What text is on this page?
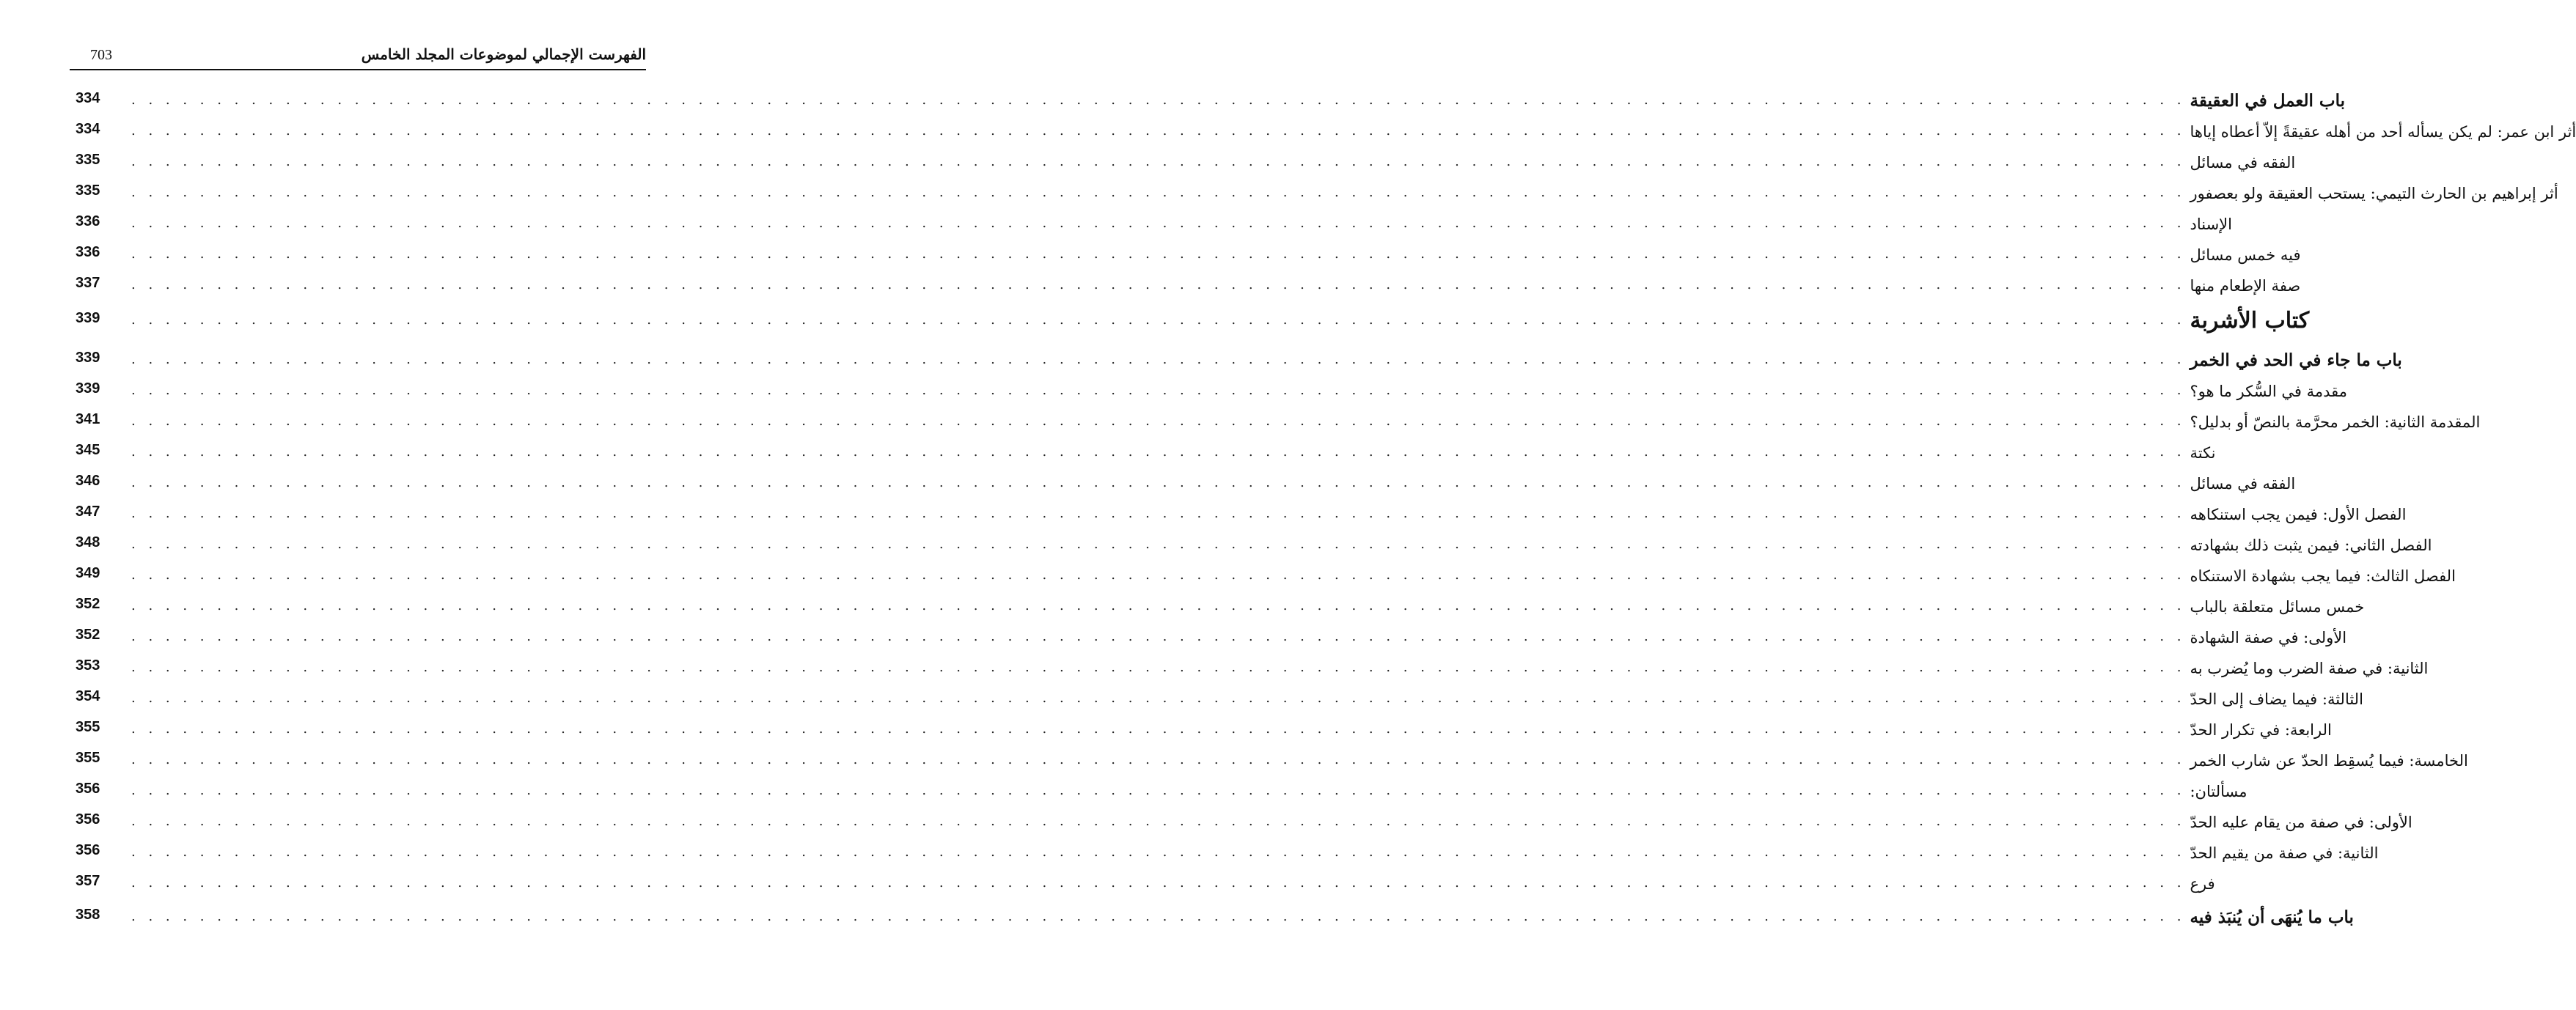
703	الفهرست الإجمالي لموضوعات المجلد الخامس
334	. . . . . . . . . . . . . . . . . . . . . . . . . . . . . . . . . . . . . . . . . . . . . . . . . . . . . . . . . . . . . . . . . . . . . . . . . . . . . . . . . . . . . . . . . . . . . . . . . . . . . . . . . . . . . . . . . . . . . . . . باب العمل في العقيقة
334	. . . . . . . . . . . . . . . . . . . . . . . . . . . . . . . . . . . . . . . . . . . . . . . . . . . . . . . . . . . . . . . . . . . . . . . . . . . . . . . . . . . . . . . . . . . . . . . . . . . . . . . . . . . . . . . . . . . . . . . . أثر ابن عمر: لم يكن يسأله أحد من أهله عقيقةً إلاّ أعطاه إياها
335	. . . . . . . . . . . . . . . . . . . . . . . . . . . . . . . . . . . . . . . . . . . . . . . . . . . . . . . . . . . . . . . . . . . . . . . . . . . . . . . . . . . . . . . . . . . . . . . . . . . . . . . . . . . . . . . . . . . . . . . . الفقه في مسائل
335	. . . . . . . . . . . . . . . . . . . . . . . . . . . . . . . . . . . . . . . . . . . . . . . . . . . . . . . . . . . . . . . . . . . . . . . . . . . . . . . . . . . . . . . . . . . . . . . . . . . . . . . . . . . . . . . . . . . . . . . . أثر إبراهيم بن الحارث التيمي: يستحب العقيقة ولو بعصفور
336	. . . . . . . . . . . . . . . . . . . . . . . . . . . . . . . . . . . . . . . . . . . . . . . . . . . . . . . . . . . . . . . . . . . . . . . . . . . . . . . . . . . . . . . . . . . . . . . . . . . . . . . . . . . . . . . . . . . . . . . . الإسناد
336	. . . . . . . . . . . . . . . . . . . . . . . . . . . . . . . . . . . . . . . . . . . . . . . . . . . . . . . . . . . . . . . . . . . . . . . . . . . . . . . . . . . . . . . . . . . . . . . . . . . . . . . . . . . . . . . . . . . . . . . . فيه خمس مسائل
337	. . . . . . . . . . . . . . . . . . . . . . . . . . . . . . . . . . . . . . . . . . . . . . . . . . . . . . . . . . . . . . . . . . . . . . . . . . . . . . . . . . . . . . . . . . . . . . . . . . . . . . . . . . . . . . . . . . . . . . . . صفة الإطعام منها
339	. . . . . . . . . . . . . . . . . . . . . . . . . . . . . . . . . . . . . . . . . . . . . . . . . . . . . . . . . . . . . . . . . . . . . . . . . . . . . . . . . . . . . . . . . . . . . . . . . . . . . . . . . . . . . . . . . . . . . . . . كتاب الأشربة
339	. . . . . . . . . . . . . . . . . . . . . . . . . . . . . . . . . . . . . . . . . . . . . . . . . . . . . . . . . . . . . . . . . . . . . . . . . . . . . . . . . . . . . . . . . . . . . . . . . . . . . . . . . . . . . . . . . . . . . . . . باب ما جاء في الحد في الخمر
339	. . . . . . . . . . . . . . . . . . . . . . . . . . . . . . . . . . . . . . . . . . . . . . . . . . . . . . . . . . . . . . . . . . . . . . . . . . . . . . . . . . . . . . . . . . . . . . . . . . . . . . . . . . . . . . . . . . . . . . . . مقدمة في السُّكر ما هو؟
341	. . . . . . . . . . . . . . . . . . . . . . . . . . . . . . . . . . . . . . . . . . . . . . . . . . . . . . . . . . . . . . . . . . . . . . . . . . . . . . . . . . . . . . . . . . . . . . . . . . . . . . . . . . . . . . . . . . . . . . . . المقدمة الثانية: الخمر محرَّمة بالنصّ أو بدليل؟
345	. . . . . . . . . . . . . . . . . . . . . . . . . . . . . . . . . . . . . . . . . . . . . . . . . . . . . . . . . . . . . . . . . . . . . . . . . . . . . . . . . . . . . . . . . . . . . . . . . . . . . . . . . . . . . . . . . . . . . . . . نكتة
346	. . . . . . . . . . . . . . . . . . . . . . . . . . . . . . . . . . . . . . . . . . . . . . . . . . . . . . . . . . . . . . . . . . . . . . . . . . . . . . . . . . . . . . . . . . . . . . . . . . . . . . . . . . . . . . . . . . . . . . . . الفقه في مسائل
347	. . . . . . . . . . . . . . . . . . . . . . . . . . . . . . . . . . . . . . . . . . . . . . . . . . . . . . . . . . . . . . . . . . . . . . . . . . . . . . . . . . . . . . . . . . . . . . . . . . . . . . . . . . . . . . . . . . . . . . . . الفصل الأول: فيمن يجب استنكاهه
348	. . . . . . . . . . . . . . . . . . . . . . . . . . . . . . . . . . . . . . . . . . . . . . . . . . . . . . . . . . . . . . . . . . . . . . . . . . . . . . . . . . . . . . . . . . . . . . . . . . . . . . . . . . . . . . . . . . . . . . . . الفصل الثاني: فيمن يثبت ذلك بشهادته
349	. . . . . . . . . . . . . . . . . . . . . . . . . . . . . . . . . . . . . . . . . . . . . . . . . . . . . . . . . . . . . . . . . . . . . . . . . . . . . . . . . . . . . . . . . . . . . . . . . . . . . . . . . . . . . . . . . . . . . . . . الفصل الثالث: فيما يجب بشهادة الاستنكاه
352	. . . . . . . . . . . . . . . . . . . . . . . . . . . . . . . . . . . . . . . . . . . . . . . . . . . . . . . . . . . . . . . . . . . . . . . . . . . . . . . . . . . . . . . . . . . . . . . . . . . . . . . . . . . . . . . . . . . . . . . . خمس مسائل متعلقة بالباب
352	. . . . . . . . . . . . . . . . . . . . . . . . . . . . . . . . . . . . . . . . . . . . . . . . . . . . . . . . . . . . . . . . . . . . . . . . . . . . . . . . . . . . . . . . . . . . . . . . . . . . . . . . . . . . . . . . . . . . . . . . الأولى: في صفة الشهادة
353	. . . . . . . . . . . . . . . . . . . . . . . . . . . . . . . . . . . . . . . . . . . . . . . . . . . . . . . . . . . . . . . . . . . . . . . . . . . . . . . . . . . . . . . . . . . . . . . . . . . . . . . . . . . . . . . . . . . . . . . . الثانية: في صفة الضرب وما يُضرب به
354	. . . . . . . . . . . . . . . . . . . . . . . . . . . . . . . . . . . . . . . . . . . . . . . . . . . . . . . . . . . . . . . . . . . . . . . . . . . . . . . . . . . . . . . . . . . . . . . . . . . . . . . . . . . . . . . . . . . . . . . . الثالثة: فيما يضاف إلى الحدّ
355	. . . . . . . . . . . . . . . . . . . . . . . . . . . . . . . . . . . . . . . . . . . . . . . . . . . . . . . . . . . . . . . . . . . . . . . . . . . . . . . . . . . . . . . . . . . . . . . . . . . . . . . . . . . . . . . . . . . . . . . . الرابعة: في تكرار الحدّ
355	. . . . . . . . . . . . . . . . . . . . . . . . . . . . . . . . . . . . . . . . . . . . . . . . . . . . . . . . . . . . . . . . . . . . . . . . . . . . . . . . . . . . . . . . . . . . . . . . . . . . . . . . . . . . . . . . . . . . . . . . الخامسة: فيما يُسقِط الحدّ عن شارب الخمر
356	. . . . . . . . . . . . . . . . . . . . . . . . . . . . . . . . . . . . . . . . . . . . . . . . . . . . . . . . . . . . . . . . . . . . . . . . . . . . . . . . . . . . . . . . . . . . . . . . . . . . . . . . . . . . . . . . . . . . . . . . مسألتان:
356	. . . . . . . . . . . . . . . . . . . . . . . . . . . . . . . . . . . . . . . . . . . . . . . . . . . . . . . . . . . . . . . . . . . . . . . . . . . . . . . . . . . . . . . . . . . . . . . . . . . . . . . . . . . . . . . . . . . . . . . . الأولى: في صفة من يقام عليه الحدّ
356	. . . . . . . . . . . . . . . . . . . . . . . . . . . . . . . . . . . . . . . . . . . . . . . . . . . . . . . . . . . . . . . . . . . . . . . . . . . . . . . . . . . . . . . . . . . . . . . . . . . . . . . . . . . . . . . . . . . . . . . . الثانية: في صفة من يقيم الحدّ
357	. . . . . . . . . . . . . . . . . . . . . . . . . . . . . . . . . . . . . . . . . . . . . . . . . . . . . . . . . . . . . . . . . . . . . . . . . . . . . . . . . . . . . . . . . . . . . . . . . . . . . . . . . . . . . . . . . . . . . . . . فرع
358	. . . . . . . . . . . . . . . . . . . . . . . . . . . . . . . . . . . . . . . . . . . . . . . . . . . . . . . . . . . . . . . . . . . . . . . . . . . . . . . . . . . . . . . . . . . . . . . . . . . . . . . . . . . . . . . . . . . . . . . . باب ما يُنهَى أن يُنبَذ فيه
